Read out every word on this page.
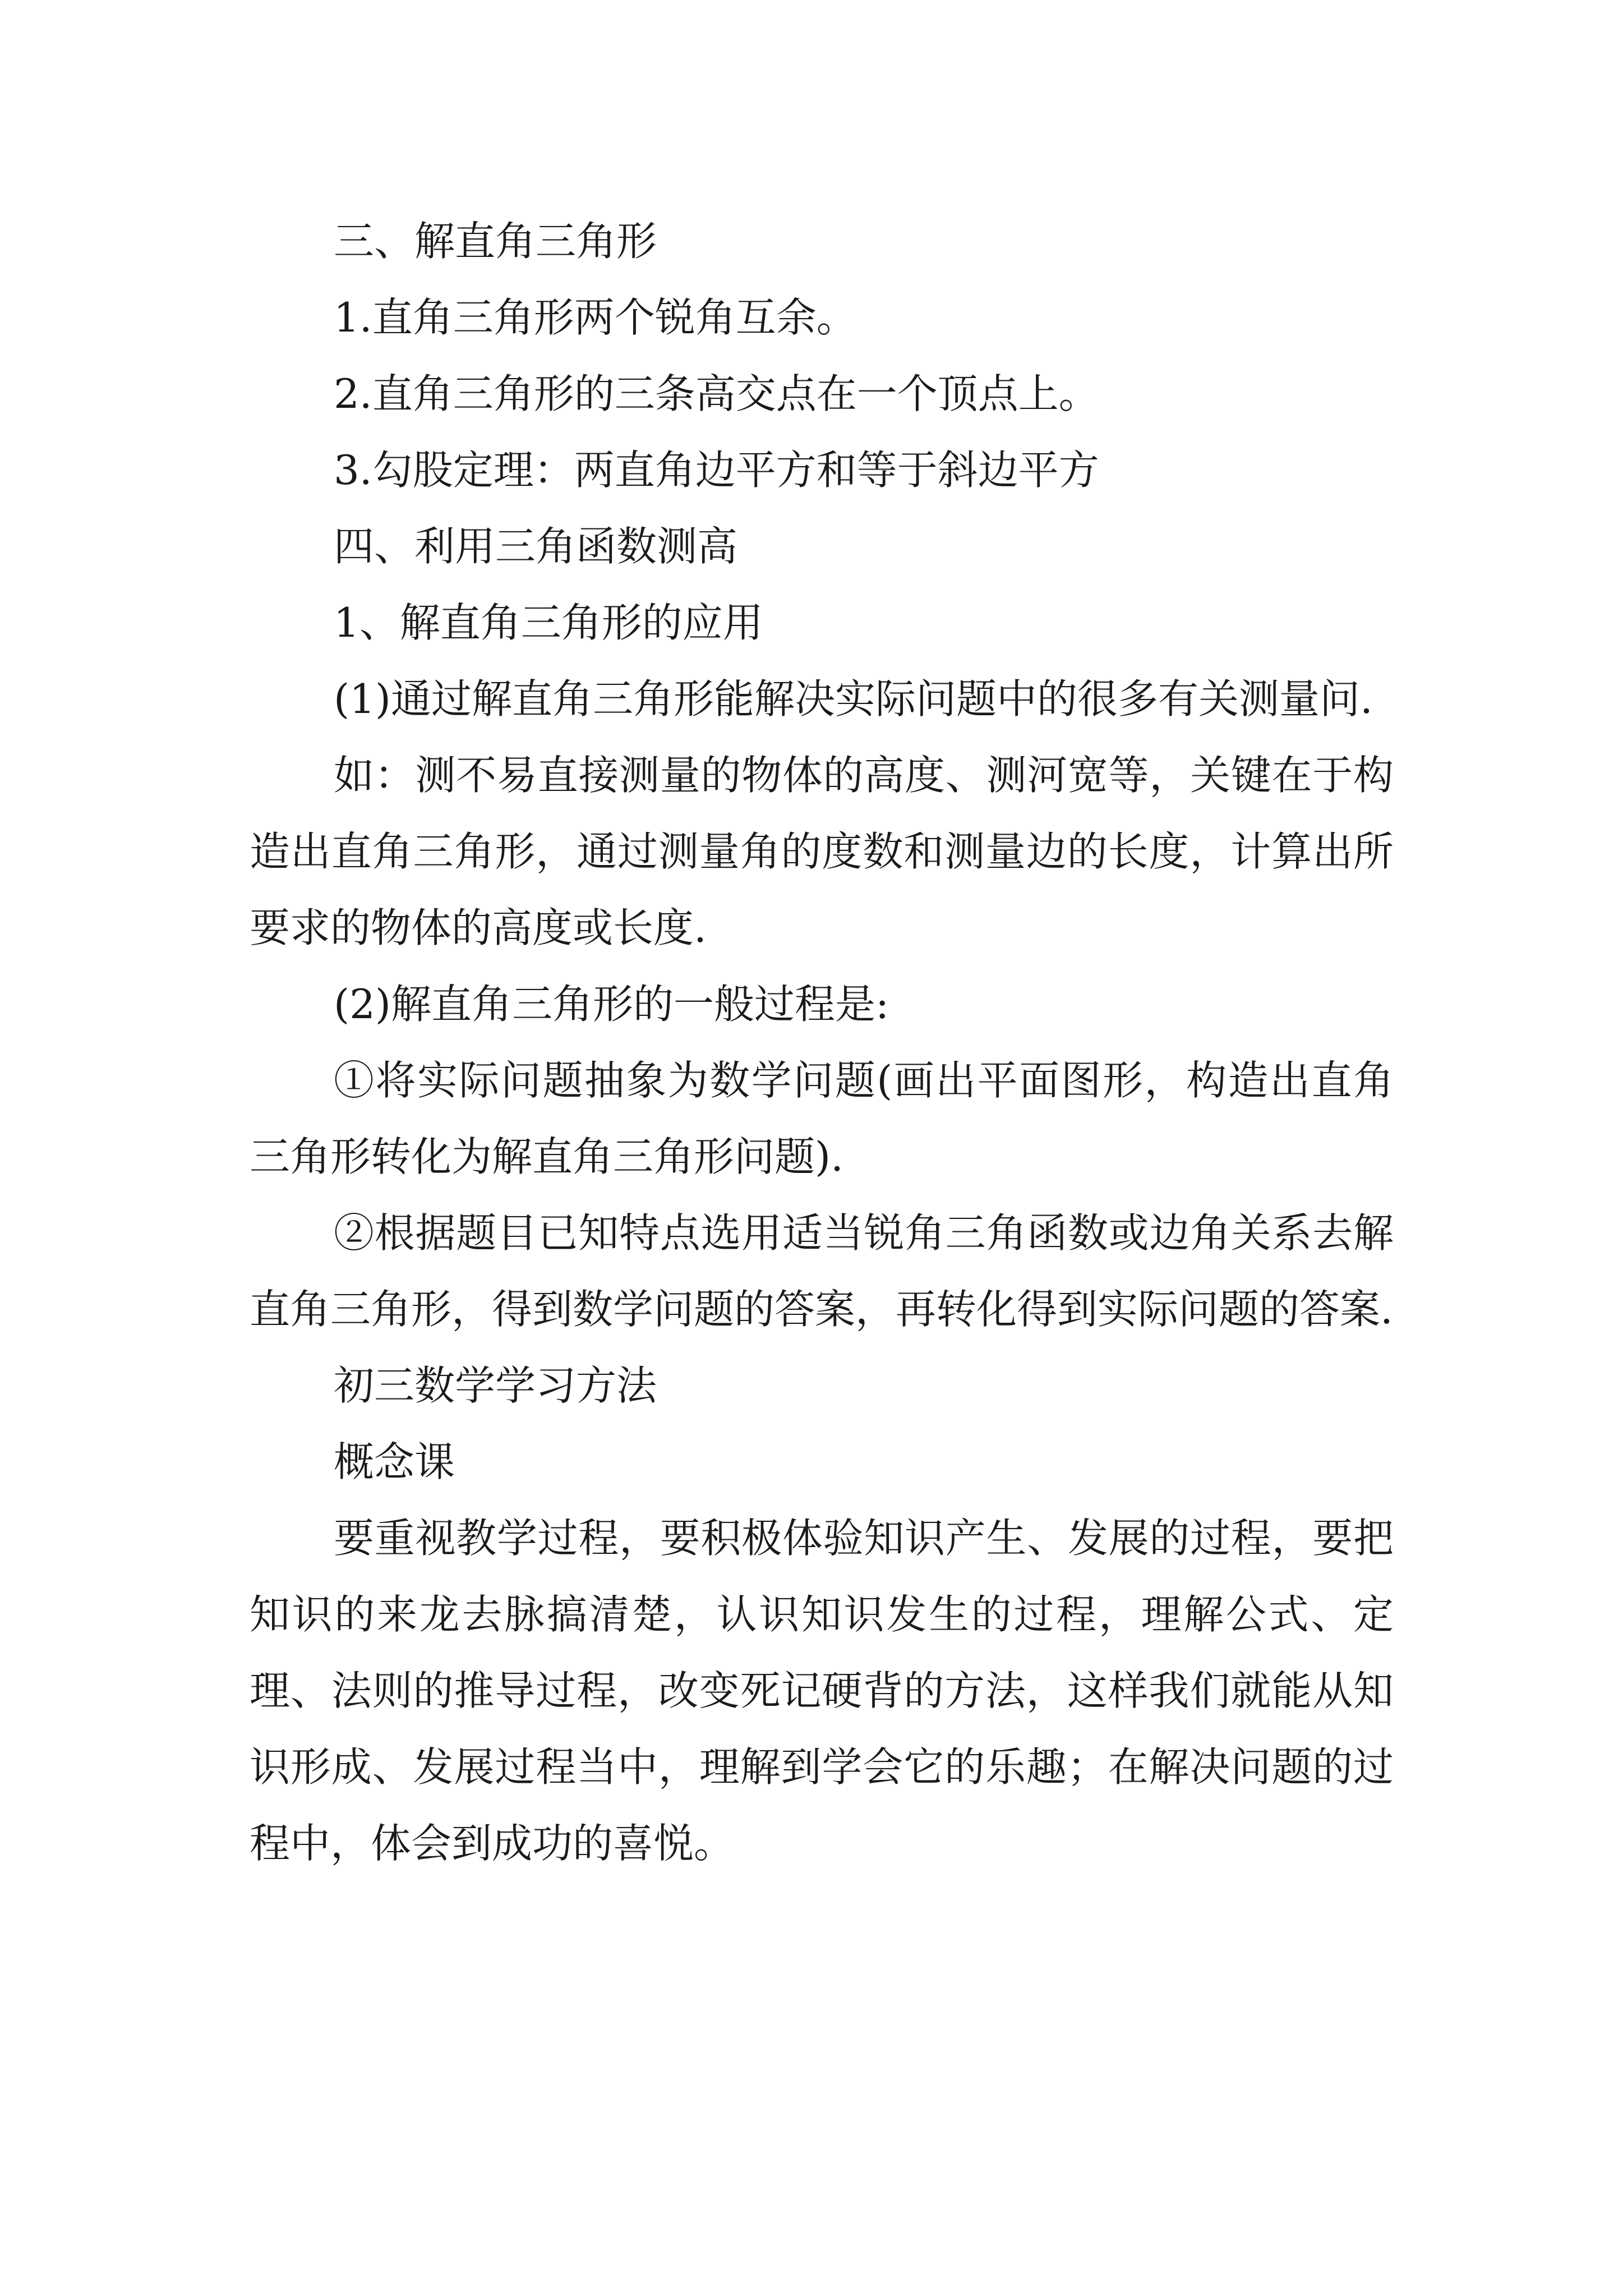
三、解直角三角形

1.直角三角形两个锐角互余。

2.直角三角形的三条高交点在一个顶点上。

3.勾股定理：两直角边平方和等于斜边平方

四、利用三角函数测高

1、解直角三角形的应用

(1)通过解直角三角形能解决实际问题中的很多有关测量问.

如：测不易直接测量的物体的高度、测河宽等，关键在于构造出直角三角形，通过测量角的度数和测量边的长度，计算出所要求的物体的高度或长度.

(2)解直角三角形的一般过程是:

①将实际问题抽象为数学问题(画出平面图形，构造出直角三角形转化为解直角三角形问题).

②根据题目已知特点选用适当锐角三角函数或边角关系去解直角三角形，得到数学问题的答案，再转化得到实际问题的答案.

初三数学学习方法

概念课

要重视教学过程，要积极体验知识产生、发展的过程，要把知识的来龙去脉搞清楚，认识知识发生的过程，理解公式、定理、法则的推导过程，改变死记硬背的方法，这样我们就能从知识形成、发展过程当中，理解到学会它的乐趣；在解决问题的过程中，体会到成功的喜悦。
